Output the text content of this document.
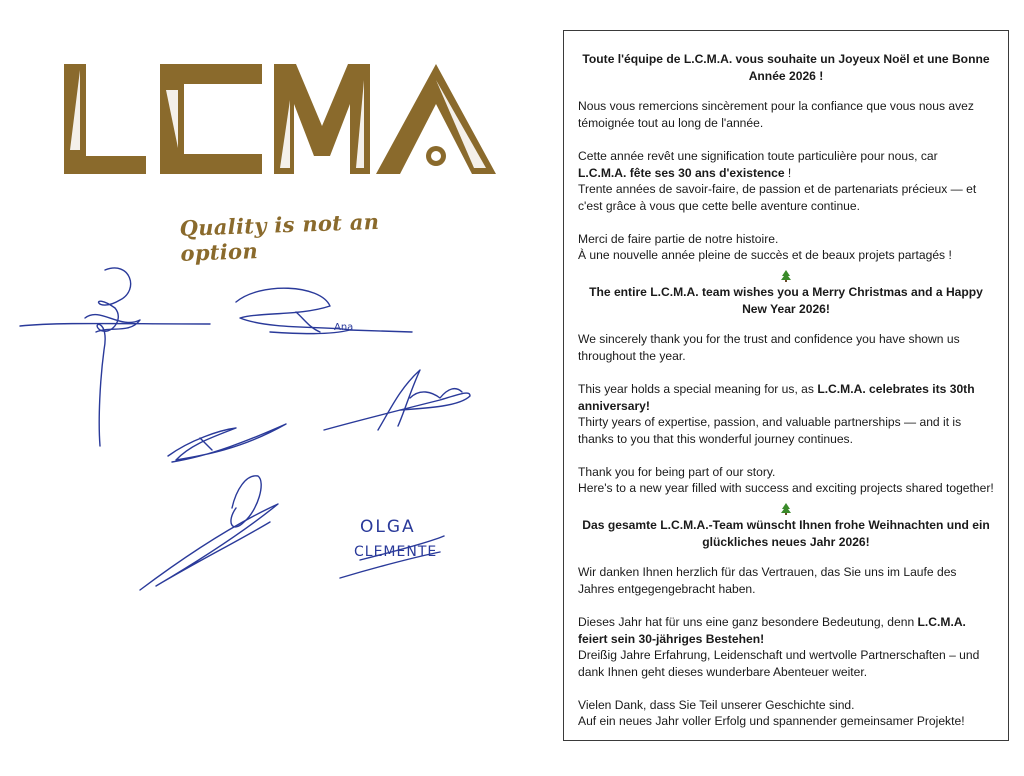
Quality is not an option
Ana
OLGA
CLEMENTE

Toute l'équipe de L.C.M.A. vous souhaite un Joyeux Noël et une Bonne Année 2026 !

Nous vous remercions sincèrement pour la confiance que vous nous avez témoignée tout au long de l'année.

Cette année revêt une signification toute particulière pour nous, car
L.C.M.A. fête ses 30 ans d'existence !
Trente années de savoir-faire, de passion et de partenariats précieux — et c'est grâce à vous que cette belle aventure continue.

Merci de faire partie de notre histoire.
À une nouvelle année pleine de succès et de beaux projets partagés !

The entire L.C.M.A. team wishes you a Merry Christmas and a Happy New Year 2026!

We sincerely thank you for the trust and confidence you have shown us throughout the year.

This year holds a special meaning for us, as L.C.M.A. celebrates its 30th anniversary!
Thirty years of expertise, passion, and valuable partnerships — and it is thanks to you that this wonderful journey continues.

Thank you for being part of our story.
Here's to a new year filled with success and exciting projects shared together!

Das gesamte L.C.M.A.-Team wünscht Ihnen frohe Weihnachten und ein glückliches neues Jahr 2026!

Wir danken Ihnen herzlich für das Vertrauen, das Sie uns im Laufe des Jahres entgegengebracht haben.

Dieses Jahr hat für uns eine ganz besondere Bedeutung, denn L.C.M.A. feiert sein 30-jähriges Bestehen!
Dreißig Jahre Erfahrung, Leidenschaft und wertvolle Partnerschaften – und dank Ihnen geht dieses wunderbare Abenteuer weiter.

Vielen Dank, dass Sie Teil unserer Geschichte sind.
Auf ein neues Jahr voller Erfolg und spannender gemeinsamer Projekte!
